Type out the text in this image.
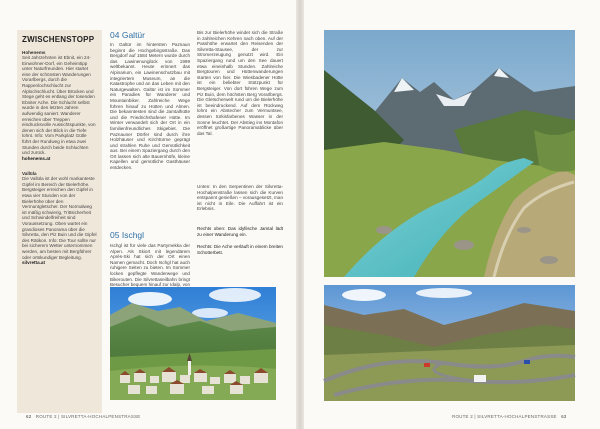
ZWISCHENSTOPP
Hohenems

Seit Jahrzehnten ist Ebnit, ein 24-Einwohner-Dorf, ein Geheimtipp unter Naturfreunden. Hier startet eine der schönsten Wanderungen Vorarlbergs, durch die Rappenlochschlucht zur Alplochschlucht. Über Brücken und Stege geht es entlang der tosenden Ebniter Ache. Die Schlucht selbst wurde in den letzten Jahren aufwendig saniert. Wanderer erreichen über Treppen eindrucksvolle Aussichtspunkte, von denen sich der Blick in die Tiefe lohnt. Info: Vom Parkplatz Gütle führt der Rundweg in etwa zwei Stunden durch beide Schluchten und zurück.

hohenems.at

Vallüla

Die Vallüla ist der wohl markanteste Gipfel im Bereich der Bielerhöhe. Bergsteiger erreichen den Gipfel in etwa vier Stunden von der Bielerhöhe über den Vermuntgletscher. Der Normalweg ist mäßig schwierig, Trittsicherheit und Schwindelfreiheit sind Voraussetzung. Oben wartet ein grandioses Panorama über die Silvretta, den Piz Buin und die Gipfel des Rätikon. Info: Die Tour sollte nur bei sicherem Wetter unternommen werden, am besten mit Bergführer oder ortskundiger Begleitung.

silvretta.at

04 Galtür

In Galtür im hintersten Paznaun beginnt die Hochgebirgsstraße. Das Bergdorf auf 1584 Metern wurde durch das Lawinenunglück von 1999 weltbekannt. Heute erinnert das Alpinarium, ein Lawinenschutzbau mit integriertem Museum, an die Katastrophe und an das Leben mit den Naturgewalten. Galtür ist im Sommer ein Paradies für Wanderer und Mountainbiker. Zahlreiche Wege führen hinauf zu Hütten und Almen. Die bekanntesten sind die Jamtalhütte und die Friedrichshafener Hütte. Im Winter verwandelt sich der Ort in ein familienfreundliches Skigebiet. Die Paznauner Dörfer sind durch ihre Holzhäuser und Kirchtürme geprägt und strahlen Ruhe und Gemütlichkeit aus. Bei einem Spaziergang durch den Ort lassen sich alte Bauernhöfe, kleine Kapellen und gemütliche Gasthäuser entdecken.

05 Ischgl

Ischgl ist für viele das Partymekka der Alpen. Als Skiort mit legendärem Après-Ski hat sich der Ort einen Namen gemacht. Doch Ischgl hat auch ruhigere Seiten zu bieten. Im Sommer locken gepflegte Wanderwege und Bikerouten. Die Silvrettaseilbahn bringt Besucher bequem hinauf zur Idalp, von

Bis zur Bielerhöhe windet sich die Straße in zahlreichen Kehren nach oben. Auf der Passhöhe erwartet den Reisenden der Silvretta-Stausee, der zur Stromerzeugung genutzt wird. Ein Spaziergang rund um den See dauert etwa eineinhalb Stunden. Zahlreiche Bergtouren und Hüttenwanderungen starten von hier. Die Wiesbadener Hütte ist ein beliebter Stützpunkt für Bergsteiger. Von dort führen Wege zum Piz Buin, dem höchsten Berg Vorarlbergs. Die Gletscherwelt rund um die Bielerhöhe ist beeindruckend. Auf dem Rückweg lohnt ein Abstecher zum Vermuntsee, dessen türkisfarbenes Wasser in der Sonne leuchtet. Der Abstieg ins Montafon eröffnet großartige Panoramablicke über das Tal.

Unten: In den Serpentinen der Silvretta-Hochalpenstraße lassen sich die Kurven entspannt genießen – vorausgesetzt, man ist nicht in Eile. Die Auffahrt ist ein Erlebnis.

Rechts oben: Das idyllische Jamtal lädt zu einer Wanderung ein.

Rechts: Die Ache verläuft in einem breiten Schotterbett.

62 ROUTE 2 | SILVRETTA-HOCHALPENSTRASSE	ROUTE 2 | SILVRETTA-HOCHALPENSTRASSE 63
